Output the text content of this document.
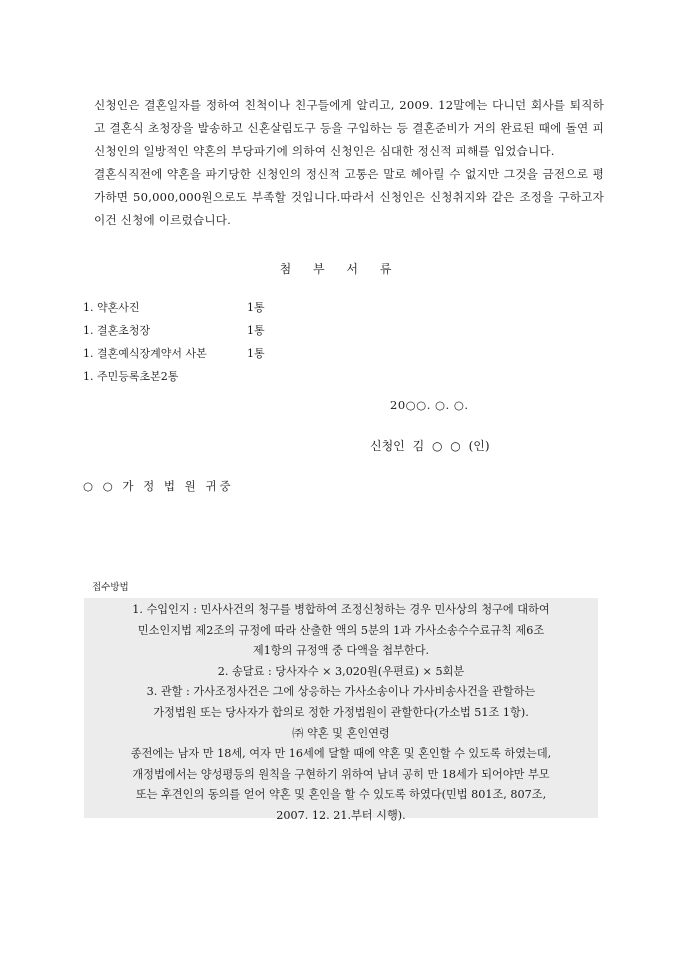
신청인은 결혼일자를 정하여 친척이나 친구들에게 알리고, 2009. 12말에는 다니던 회사를 퇴직하고 결혼식 초청장을 발송하고 신혼살림도구 등을 구입하는 등 결혼준비가 거의 완료된 때에 돌연 피신청인의 일방적인 약혼의 부당파기에 의하여 신청인은 심대한 정신적 피해를 입었습니다.

결혼식직전에 약혼을 파기당한 신청인의 정신적 고통은 말로 헤아릴 수 없지만 그것을 금전으로 평가하면 50,000,000원으로도 부족할 것입니다.따라서 신청인은 신청취지와 같은 조정을 구하고자 이건 신청에 이르렀습니다.

첨 부 서 류
1. 약혼사진	1통
1. 결혼초청장	1통
1. 결혼예식장계약서 사본	1통
1. 주민등록초본2통
20○○. ○. ○.
신청인 김 ○ ○ (인)
○ ○ 가 정 법 원 귀중
접수방법
1. 수입인지 : 민사사건의 청구를 병합하여 조정신청하는 경우 민사상의 청구에 대하여
민소인지법 제2조의 규정에 따라 산출한 액의 5분의 1과 가사소송수수료규칙 제6조
제1항의 규정액 중 다액을 첩부한다.
2. 송달료 : 당사자수 × 3,020원(우편료) × 5회분
3. 관할 : 가사조정사건은 그에 상응하는 가사소송이나 가사비송사건을 관할하는
가정법원 또는 당사자가 합의로 정한 가정법원이 관할한다(가소법 51조 1항).
㈜ 약혼 및 혼인연령
종전에는 남자 만 18세, 여자 만 16세에 달할 때에 약혼 및 혼인할 수 있도록 하였는데,
개정법에서는 양성평등의 원칙을 구현하기 위하여 남녀 공히 만 18세가 되어야만 부모
또는 후견인의 동의를 얻어 약혼 및 혼인을 할 수 있도록 하였다(민법 801조, 807조,
2007. 12. 21.부터 시행).
